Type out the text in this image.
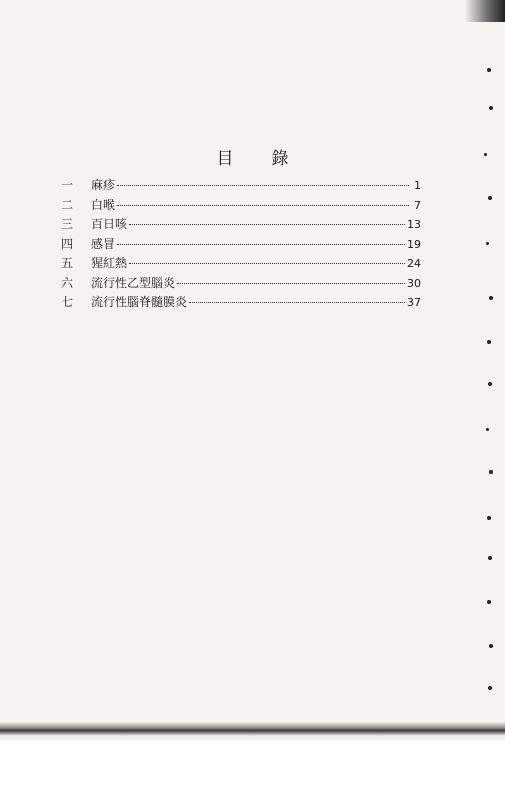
目 錄
一	麻疹	1
二	白喉	7
三	百日咳	13
四	感冒	19
五	猩紅熱	24
六	流行性乙型腦炎	30
七	流行性腦脊髓膜炎	37
